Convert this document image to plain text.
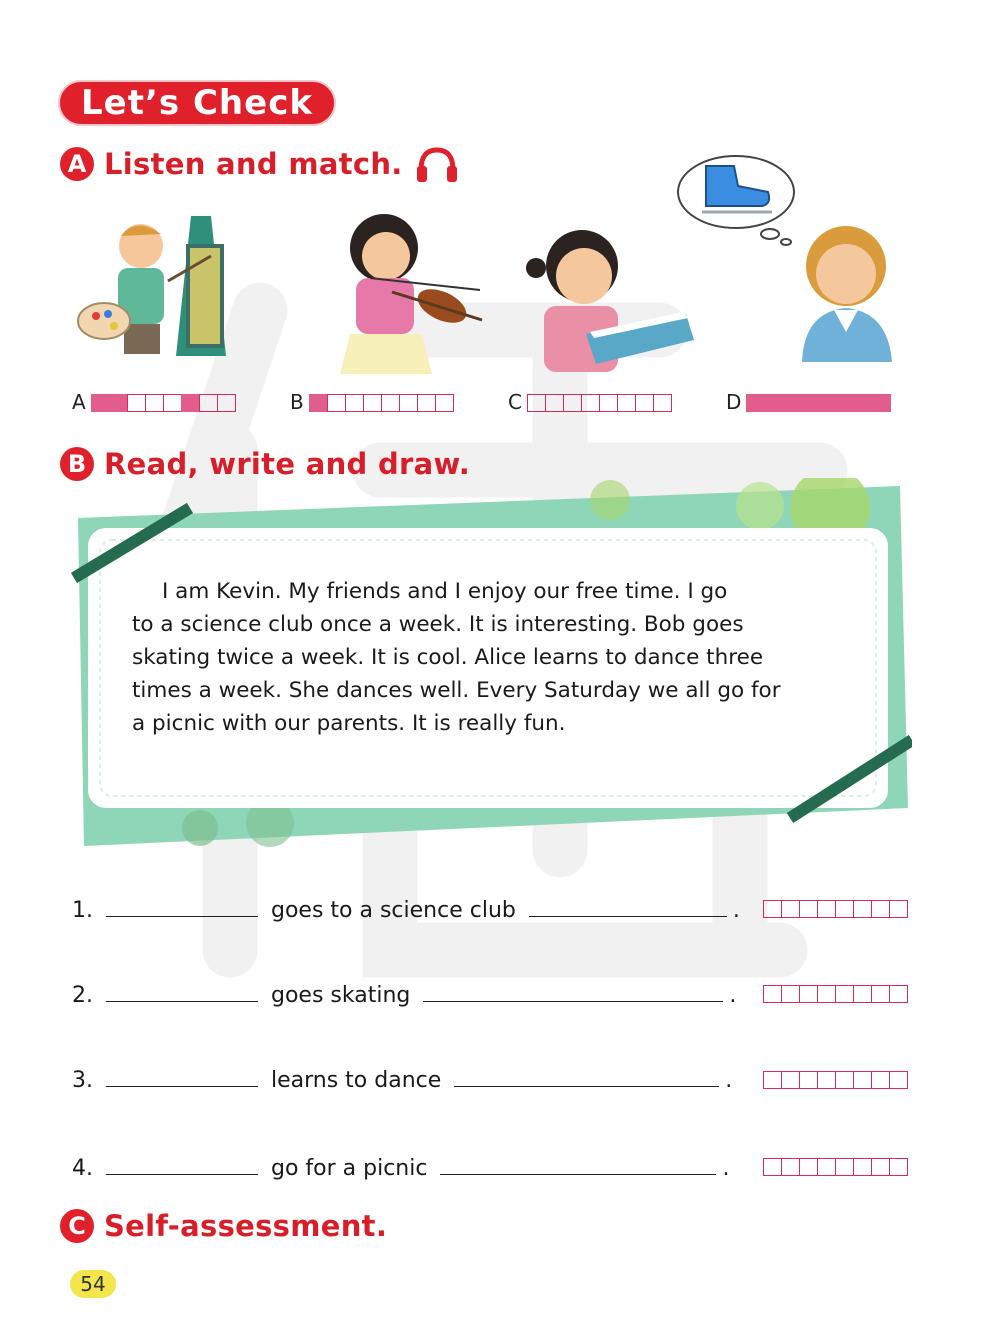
Let’s Check
A Listen and match.
A	B	C	D
B Read, write and draw.
I am Kevin. My friends and I enjoy our free time. I go
to a science club once a week. It is interesting. Bob goes
skating twice a week. It is cool. Alice learns to dance three
times a week. She dances well. Every Saturday we all go for
a picnic with our parents. It is really fun.
1.	goes to a science club	.
2.	goes skating	.
3.	learns to dance	.
4.	go for a picnic	.
C Self-assessment.
54
